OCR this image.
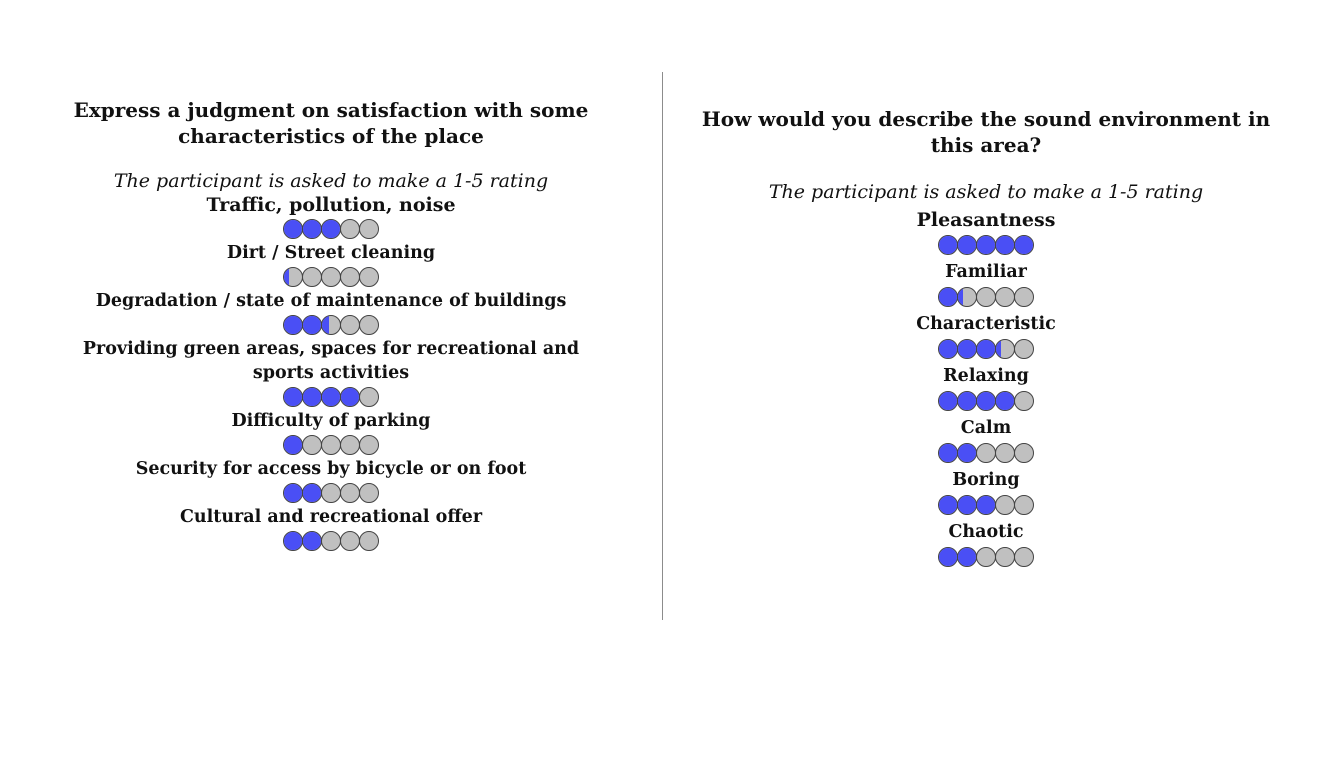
Express a judgment on satisfaction with some characteristics of the place

The participant is asked to make a 1-5 rating
Traffic, pollution, noise
Dirt / Street cleaning
Degradation / state of maintenance of buildings
Providing green areas, spaces for recreational and sports activities
Difficulty of parking
Security for access by bicycle or on foot
Cultural and recreational offer

How would you describe the sound environment in this area?

The participant is asked to make a 1-5 rating
Pleasantness
Familiar
Characteristic
Relaxing
Calm
Boring
Chaotic
